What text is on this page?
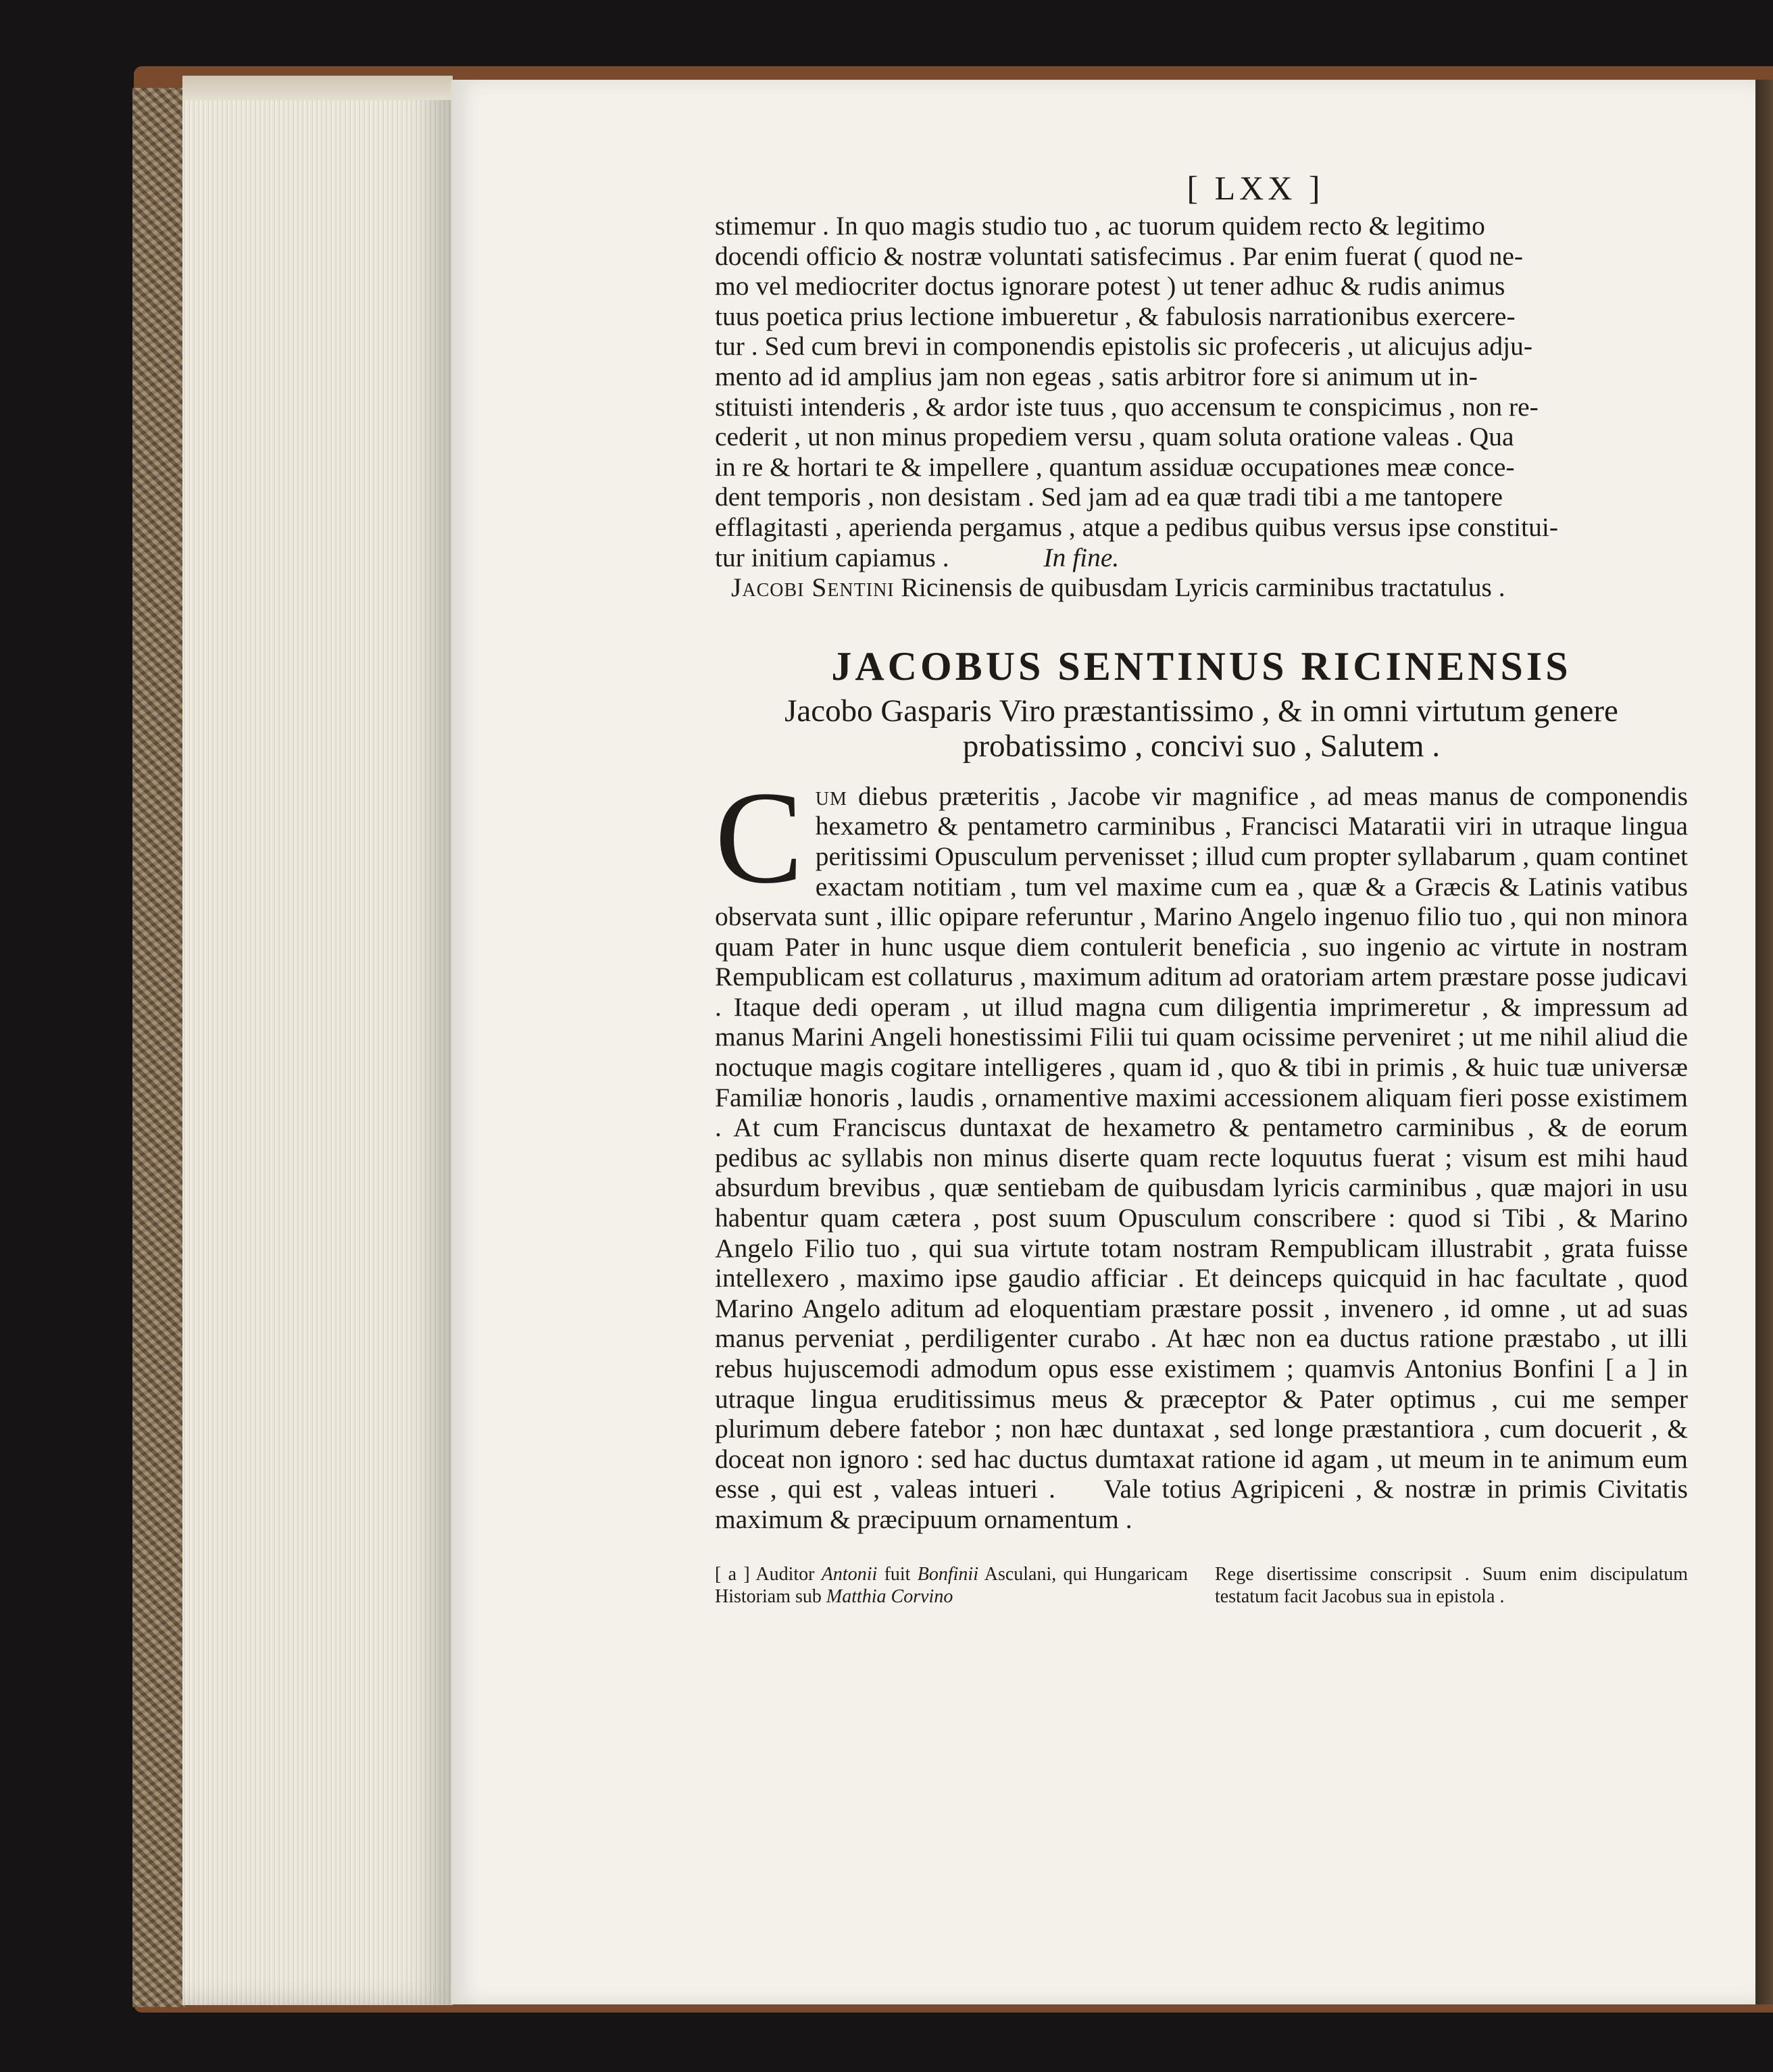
[ LXX ]
stimemur . In quo magis studio tuo , ac tuorum quidem recto & legitimo
docendi officio & nostræ voluntati satisfecimus . Par enim fuerat ( quod ne-
mo vel mediocriter doctus ignorare potest ) ut tener adhuc & rudis animus
tuus poetica prius lectione imbueretur , & fabulosis narrationibus exercere-
tur . Sed cum brevi in componendis epistolis sic profeceris , ut alicujus adju-
mento ad id amplius jam non egeas , satis arbitror fore si animum ut in-
stituisti intenderis , & ardor iste tuus , quo accensum te conspicimus , non re-
cederit , ut non minus propediem versu , quam soluta oratione valeas . Qua
in re & hortari te & impellere , quantum assiduæ occupationes meæ conce-
dent temporis , non desistam . Sed jam ad ea quæ tradi tibi a me tantopere
efflagitasti , aperienda pergamus , atque a pedibus quibus versus ipse constitui-
tur initium capiamus .	In fine.

Jacobi Sentini Ricinensis de quibusdam Lyricis carminibus tractatulus .

JACOBUS SENTINUS RICINENSIS
Jacobo Gasparis Viro præstantissimo , & in omni virtutum genere
probatissimo , concivi suo , Salutem .

C um diebus præteritis , Jacobe vir magnifice , ad meas manus de componendis hexametro & pentametro carminibus , Francisci Mataratii viri in utraque lingua peritissimi Opusculum pervenisset ; illud cum propter syllabarum , quam continet exactam notitiam , tum vel maxime cum ea , quæ & a Græcis & Latinis vatibus observata sunt , illic opipare referuntur , Marino Angelo ingenuo filio tuo , qui non minora quam Pater in hunc usque diem contulerit beneficia , suo ingenio ac virtute in nostram Rempublicam est collaturus , maximum aditum ad oratoriam artem præstare posse judicavi . Itaque dedi operam , ut illud magna cum diligentia imprimeretur , & impressum ad manus Marini Angeli honestissimi Filii tui quam ocissime perveniret ; ut me nihil aliud die noctuque magis cogitare intelligeres , quam id , quo & tibi in primis , & huic tuæ universæ Familiæ honoris , laudis , ornamentive maximi accessionem aliquam fieri posse existimem . At cum Franciscus duntaxat de hexametro & pentametro carminibus , & de eorum pedibus ac syllabis non minus diserte quam recte loquutus fuerat ; visum est mihi haud absurdum brevibus , quæ sentiebam de quibusdam lyricis carminibus , quæ majori in usu habentur quam cætera , post suum Opusculum conscribere : quod si Tibi , & Marino Angelo Filio tuo , qui sua virtute totam nostram Rempublicam illustrabit , grata fuisse intellexero , maximo ipse gaudio afficiar . Et deinceps quicquid in hac facultate , quod Marino Angelo aditum ad eloquentiam præstare possit , invenero , id omne , ut ad suas manus perveniat , perdiligenter curabo . At hæc non ea ductus ratione præstabo , ut illi rebus hujuscemodi admodum opus esse existimem ; quamvis Antonius Bonfini [ a ] in utraque lingua eruditissimus meus & præceptor & Pater optimus , cui me semper plurimum debere fatebor ; non hæc duntaxat , sed longe præstantiora , cum docuerit , & doceat non ignoro : sed hac ductus dumtaxat ratione id agam , ut meum in te animum eum esse , qui est , valeas intueri . Vale totius Agripiceni , & nostræ in primis Civitatis maximum & præcipuum ornamentum .

[ a ] Auditor Antonii fuit Bonfinii Asculani, qui Hungaricam Historiam sub Matthia Corvino
Rege disertissime conscripsit . Suum enim discipulatum testatum facit Jacobus sua in epistola .
